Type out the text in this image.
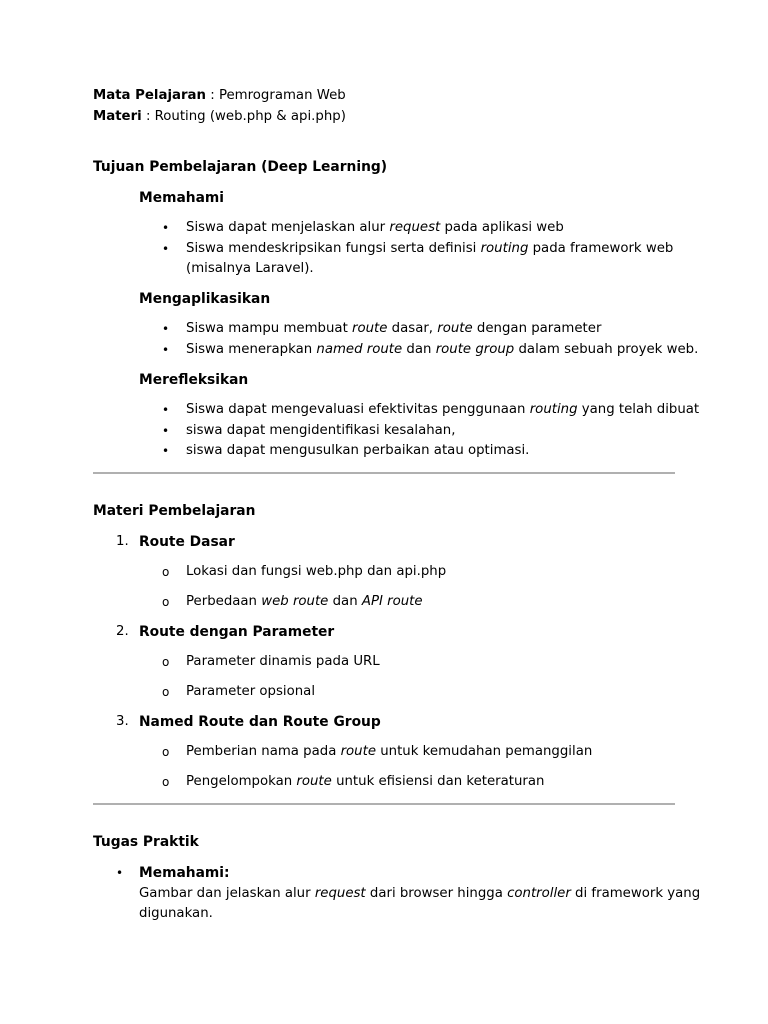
Mata Pelajaran : Pemrograman Web
Materi : Routing (web.php & api.php)
Tujuan Pembelajaran (Deep Learning)
Memahami
• Siswa dapat menjelaskan alur request pada aplikasi web
• Siswa mendeskripsikan fungsi serta definisi routing pada framework web
(misalnya Laravel).
Mengaplikasikan
• Siswa mampu membuat route dasar, route dengan parameter
• Siswa menerapkan named route dan route group dalam sebuah proyek web.
Merefleksikan
• Siswa dapat mengevaluasi efektivitas penggunaan routing yang telah dibuat
• siswa dapat mengidentifikasi kesalahan,
• siswa dapat mengusulkan perbaikan atau optimasi.
Materi Pembelajaran
1. Route Dasar
o Lokasi dan fungsi web.php dan api.php
o Perbedaan web route dan API route
2. Route dengan Parameter
o Parameter dinamis pada URL
o Parameter opsional
3. Named Route dan Route Group
o Pemberian nama pada route untuk kemudahan pemanggilan
o Pengelompokan route untuk efisiensi dan keteraturan
Tugas Praktik
• Memahami:
Gambar dan jelaskan alur request dari browser hingga controller di framework yang
digunakan.
